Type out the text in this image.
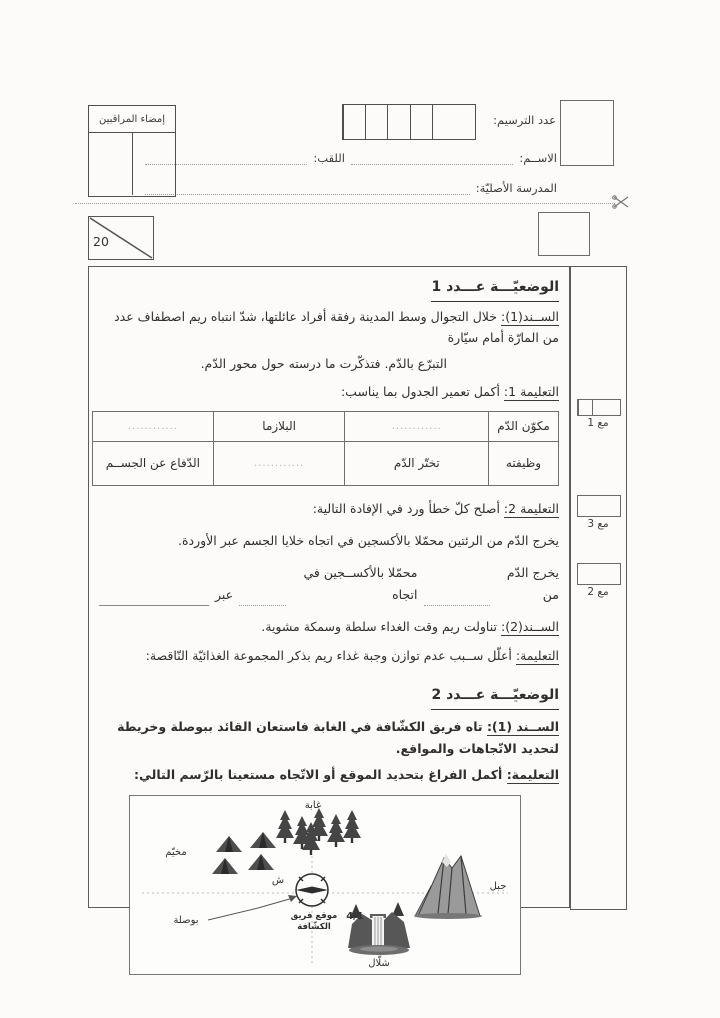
عدد الترسيم:
الاســم:
اللقب:
المدرسة الأصليّة:
إمضاء المراقبين
20
مع 1
مع 3
مع 2
الوضعيّـــة عـــدد 1
الســند(1): خلال التجوال وسط المدينة رفقة أفراد عائلتها، شدّ انتباه ريم اصطفاف عدد من المارّة أمام سيّارة
التبرّع بالدّم. فتذكّرت ما درسته حول محور الدّم.
التعليمة 1: أكمل تعمير الجدول بما يناسب:
مكوّن الدّم	............	البلازما	............
وظيفته	تختّر الدّم	............	الدّفاع عن الجســم
التعليمة 2: أصلح كلّ خطأ ورد في الإفادة التالية:
يخرج الدّم من الرئتين محمّلا بالأكسجين في اتجاه خلايا الجسم عبر الأوردة.
يخرج الدّم من
محمّلا بالأكســجين في اتجاه
عبر
الســند(2): تناولت ريم وقت الغداء سلطة وسمكة مشوية.
التعليمة: أعلّل ســبب عدم توازن وجبة غداء ريم بذكر المجموعة الغذائيّة النّاقصة:
الوضعيّـــة عـــدد 2
الســند (1): تاه فريق الكشّافة في الغابة فاستعان القائد ببوصلة وخريطة لتحديد الاتّجاهات والمواقع.
التعليمة: أكمل الفراغ بتحديد الموقع أو الاتّجاه مستعينا بالرّسم التالي:
غابة
مخيّم
ش
بوصلة	موقع فريق
الكشّافة
جبل
شلّال
4/1
